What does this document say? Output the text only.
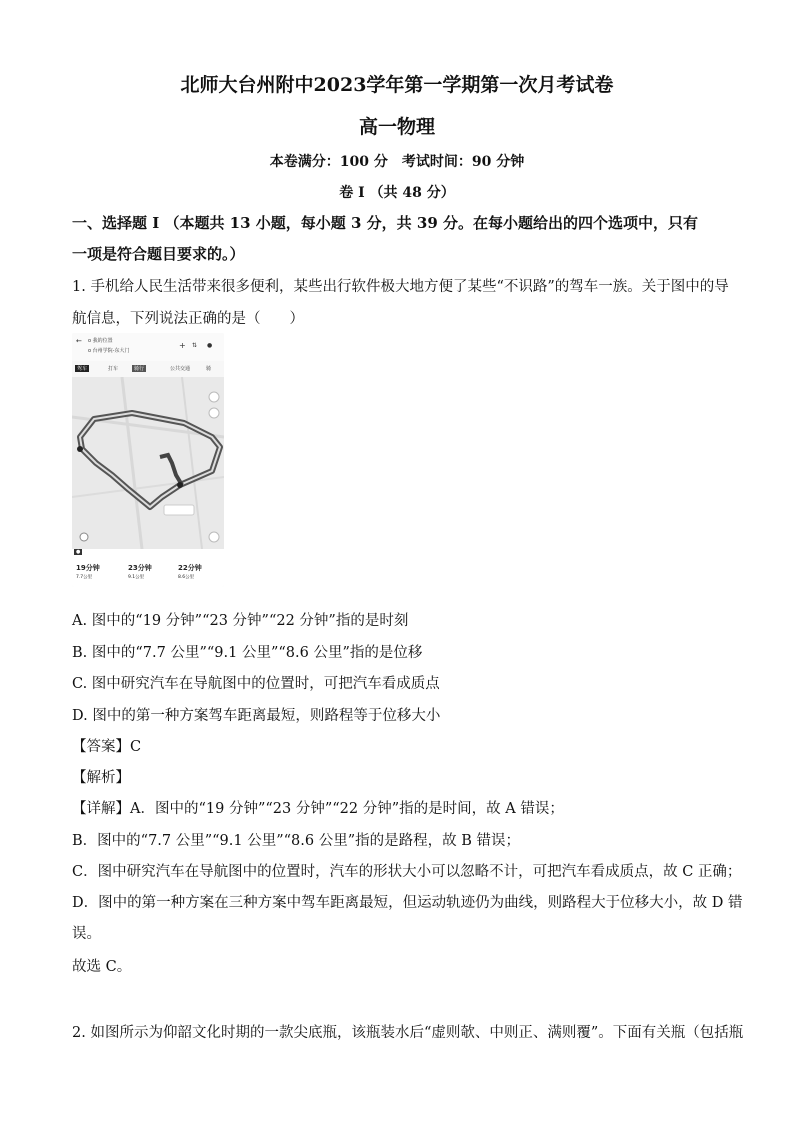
北师大台州附中2023学年第一学期第一次月考试卷
高一物理
本卷满分：100 分　考试时间：90 分钟
卷 I （共 48 分）
一、选择题 I （本题共 13 小题，每小题 3 分，共 39 分。在每小题给出的四个选项中，只有
一项是符合题目要求的。）
1. 手机给人民生活带来很多便利，某些出行软件极大地方便了某些“不识路”的驾车一族。关于图中的导
航信息，下列说法正确的是（　　）
← o 我的位置
o 台州学院-东大门
+ ⇅ ●
驾车	打车	骑行	公共交通	骑
●
19分钟
7.7公里
23分钟
9.1公里
22分钟
8.6公里
A. 图中的“19 分钟”“23 分钟”“22 分钟”指的是时刻
B. 图中的“7.7 公里”“9.1 公里”“8.6 公里”指的是位移
C. 图中研究汽车在导航图中的位置时，可把汽车看成质点
D. 图中的第一种方案驾车距离最短，则路程等于位移大小
【答案】C
【解析】
【详解】A．图中的“19 分钟”“23 分钟”“22 分钟”指的是时间，故 A 错误；
B．图中的“7.7 公里”“9.1 公里”“8.6 公里”指的是路程，故 B 错误；
C．图中研究汽车在导航图中的位置时，汽车的形状大小可以忽略不计，可把汽车看成质点，故 C 正确；
D．图中的第一种方案在三种方案中驾车距离最短，但运动轨迹仍为曲线，则路程大于位移大小，故 D 错
误。
故选 C。
2. 如图所示为仰韶文化时期的一款尖底瓶，该瓶装水后“虚则欹、中则正、满则覆”。下面有关瓶（包括瓶
